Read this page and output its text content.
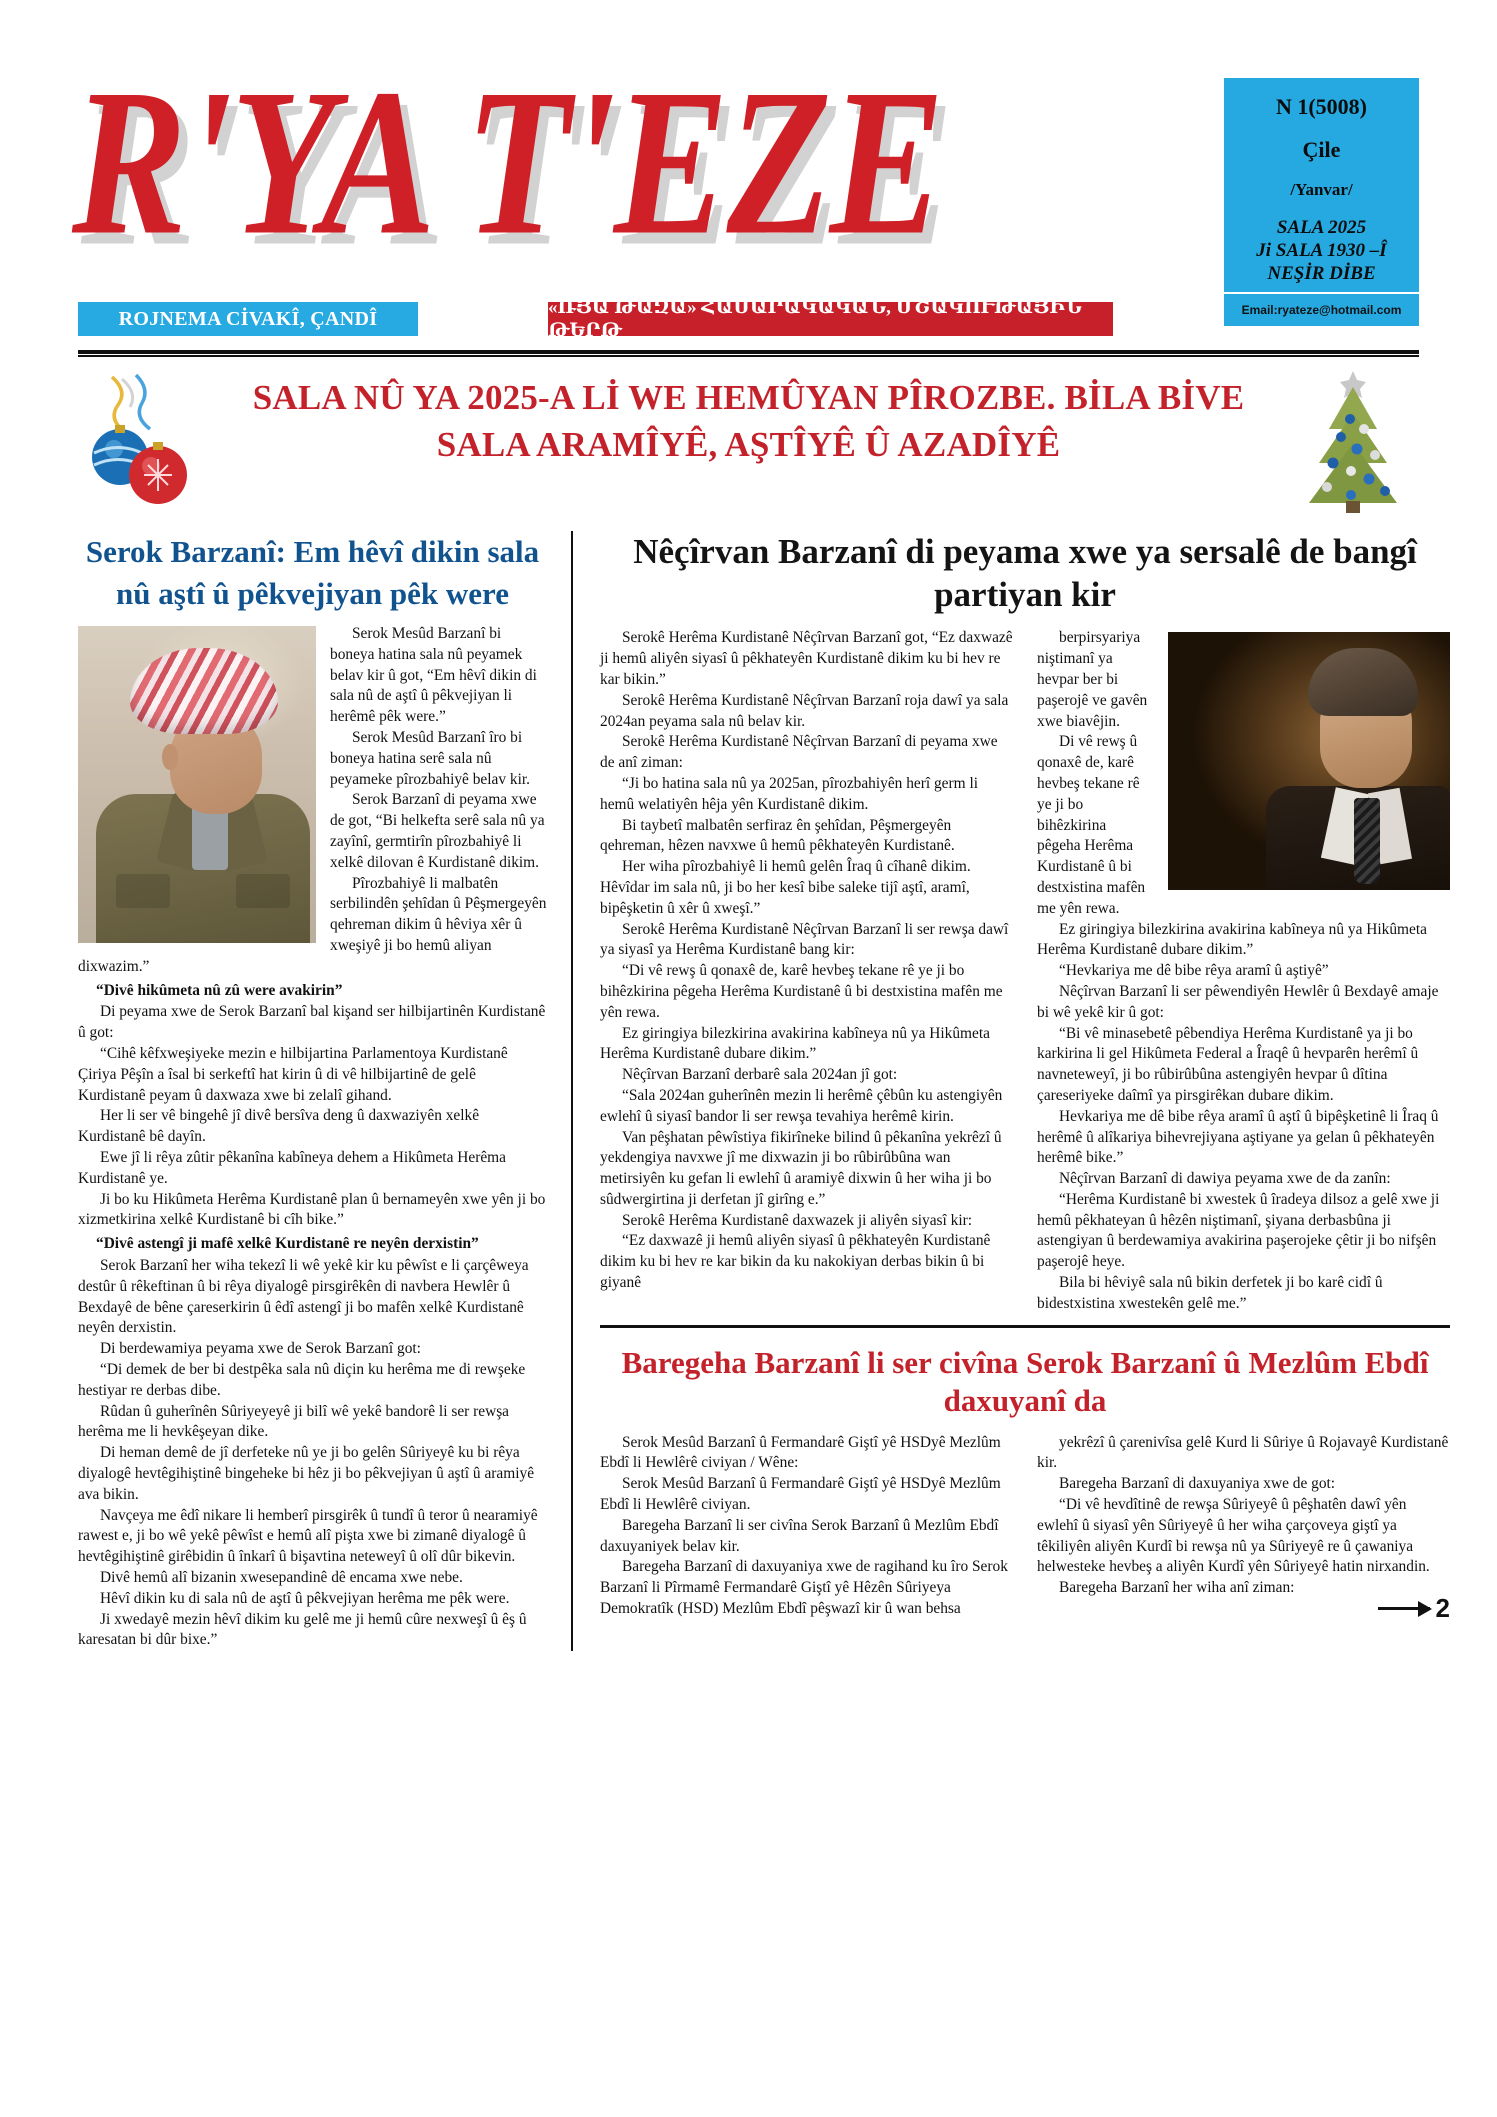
R'YA T'EZE	N 1(5008)
Çile
/Yanvar/
SALA 2025
Ji SALA 1930 –Î
NEŞİR DİBE
ROJNEMA CİVAKÎ, ÇANDÎ	«ՌՅԱ ԹԱԶԱ» ՀԱՍԱՐԱԿԱԿԱՆ, ՄՇԱԿՈՒԹԱՅԻՆ ԹԵՐԹ
Email:ryateze@hotmail.com
SALA NÛ YA 2025-A Lİ WE HEMÛYAN PÎROZBE. BİLA BİVE SALA ARAMÎYÊ, AŞTÎYÊ Û AZADÎYÊ
Serok Barzanî: Em hêvî dikin sala nû aştî û pêkvejiyan pêk were

Serok Mesûd Barzanî bi boneya hatina sala nû peyamek belav kir û got, “Em hêvî dikin di sala nû de aştî û pêkvejiyan li herêmê pêk were.”

Serok Mesûd Barzanî îro bi boneya hatina serê sala nû peyameke pîrozbahiyê belav kir.

Serok Barzanî di peyama xwe de got, “Bi helkefta serê sala nû ya zayînî, germtirîn pîrozbahiyê li xelkê dilovan ê Kurdistanê dikim.

Pîrozbahiyê li malbatên serbilindên şehîdan û Pêşmergeyên qehreman dikim û hêviya xêr û xweşiyê ji bo hemû aliyan dixwazim.”

“Divê hikûmeta nû zû were avakirin”

Di peyama xwe de Serok Barzanî bal kişand ser hilbijartinên Kurdistanê û got:

“Cihê kêfxweşiyeke mezin e hilbijartina Parlamentoya Kurdistanê Çiriya Pêşîn a îsal bi serkeftî hat kirin û di vê hilbijartinê de gelê Kurdistanê peyam û daxwaza xwe bi zelalî gihand.

Her li ser vê bingehê jî divê bersîva deng û daxwaziyên xelkê Kurdistanê bê dayîn.

Ewe jî li rêya zûtir pêkanîna kabîneya dehem a Hikûmeta Herêma Kurdistanê ye.

Ji bo ku Hikûmeta Herêma Kurdistanê plan û bernameyên xwe yên ji bo xizmetkirina xelkê Kurdistanê bi cîh bike.”

“Divê astengî ji mafê xelkê Kurdistanê re neyên derxistin”

Serok Barzanî her wiha tekezî li wê yekê kir ku pêwîst e li çarçêweya destûr û rêkeftinan û bi rêya diyalogê pirsgirêkên di navbera Hewlêr û Bexdayê de bêne çareserkirin û êdî astengî ji bo mafên xelkê Kurdistanê neyên derxistin.

Di berdewamiya peyama xwe de Serok Barzanî got:

“Di demek de ber bi destpêka sala nû diçin ku herêma me di rewşeke hestiyar re derbas dibe.

Rûdan û guherînên Sûriyeyeyê ji bilî wê yekê bandorê li ser rewşa herêma me li hevkêşeyan dike.

Di heman demê de jî derfeteke nû ye ji bo gelên Sûriyeyê ku bi rêya diyalogê hevtêgihiştinê bingeheke bi hêz ji bo pêkvejiyan û aştî û aramiyê ava bikin.

Navçeya me êdî nikare li hemberî pirsgirêk û tundî û teror û nearamiyê rawest e, ji bo wê yekê pêwîst e hemû alî pişta xwe bi zimanê diyalogê û hevtêgihiştinê girêbidin û înkarî û bişavtina neteweyî û olî dûr bikevin.

Divê hemû alî bizanin xwesepandinê dê encama xwe nebe.

Hêvî dikin ku di sala nû de aştî û pêkvejiyan herêma me pêk were.

Ji xwedayê mezin hêvî dikim ku gelê me ji hemû cûre nexweşî û êş û karesatan bi dûr bixe.”

Nêçîrvan Barzanî di peyama xwe ya sersalê de bangî partiyan kir

Serokê Herêma Kurdistanê Nêçîrvan Barzanî got, “Ez daxwazê ji hemû aliyên siyasî û pêkhateyên Kurdistanê dikim ku bi hev re kar bikin.”

Serokê Herêma Kurdistanê Nêçîrvan Barzanî roja dawî ya sala 2024an peyama sala nû belav kir.

Serokê Herêma Kurdistanê Nêçîrvan Barzanî di peyama xwe de anî ziman:

“Ji bo hatina sala nû ya 2025an, pîrozbahiyên herî germ li hemû welatiyên hêja yên Kurdistanê dikim.

Bi taybetî malbatên serfiraz ên şehîdan, Pêşmergeyên qehreman, hêzen navxwe û hemû pêkhateyên Kurdistanê.

Her wiha pîrozbahiyê li hemû gelên Îraq û cîhanê dikim. Hêvîdar im sala nû, ji bo her kesî bibe saleke tijî aştî, aramî, bipêşketin û xêr û xweşî.”

Serokê Herêma Kurdistanê Nêçîrvan Barzanî li ser rewşa dawî ya siyasî ya Herêma Kurdistanê bang kir:

“Di vê rewş û qonaxê de, karê hevbeş tekane rê ye ji bo bihêzkirina pêgeha Herêma Kurdistanê û bi destxistina mafên me yên rewa.

Ez giringiya bilezkirina avakirina kabîneya nû ya Hikûmeta Herêma Kurdistanê dubare dikim.”

Nêçîrvan Barzanî derbarê sala 2024an jî got:

“Sala 2024an guherînên mezin li herêmê çêbûn ku astengiyên ewlehî û siyasî bandor li ser rewşa tevahiya herêmê kirin.

Van pêşhatan pêwîstiya fikirîneke bilind û pêkanîna yekrêzî û yekdengiya navxwe jî me dixwazin ji bo rûbirûbûna wan metirsiyên ku gefan li ewlehî û aramiyê dixwin û her wiha ji bo sûdwergirtina ji derfetan jî girîng e.”

Serokê Herêma Kurdistanê daxwazek ji aliyên siyasî kir:

“Ez daxwazê ji hemû aliyên siyasî û pêkhateyên Kurdistanê dikim ku bi hev re kar bikin da ku nakokiyan derbas bikin û bi giyanê

berpirsyariya niştimanî ya hevpar ber bi paşerojê ve gavên xwe biavêjin.

Di vê rewş û qonaxê de, karê hevbeş tekane rê ye ji bo bihêzkirina pêgeha Herêma Kurdistanê û bi destxistina mafên me yên rewa.

Ez giringiya bilezkirina avakirina kabîneya nû ya Hikûmeta Herêma Kurdistanê dubare dikim.”

“Hevkariya me dê bibe rêya aramî û aştiyê”

Nêçîrvan Barzanî li ser pêwendiyên Hewlêr û Bexdayê amaje bi wê yekê kir û got:

“Bi vê minasebetê pêbendiya Herêma Kurdistanê ya ji bo karkirina li gel Hikûmeta Federal a Îraqê û hevparên herêmî û navneteweyî, ji bo rûbirûbûna astengiyên hevpar û dîtina çareseriyeke daîmî ya pirsgirêkan dubare dikim.

Hevkariya me dê bibe rêya aramî û aştî û bipêşketinê li Îraq û herêmê û alîkariya bihevrejiyana aştiyane ya gelan û pêkhateyên herêmê bike.”

Nêçîrvan Barzanî di dawiya peyama xwe de da zanîn:

“Herêma Kurdistanê bi xwestek û îradeya dilsoz a gelê xwe ji hemû pêkhateyan û hêzên niştimanî, şiyana derbasbûna ji astengiyan û berdewamiya avakirina paşerojeke çêtir ji bo nifşên paşerojê heye.

Bila bi hêviyê sala nû bikin derfetek ji bo karê cidî û bidestxistina xwestekên gelê me.”

Baregeha Barzanî li ser civîna Serok Barzanî û Mezlûm Ebdî daxuyanî da

Serok Mesûd Barzanî û Fermandarê Giştî yê HSDyê Mezlûm Ebdî li Hewlêrê civiyan / Wêne:

Serok Mesûd Barzanî û Fermandarê Giştî yê HSDyê Mezlûm Ebdî li Hewlêrê civiyan.

Baregeha Barzanî li ser civîna Serok Barzanî û Mezlûm Ebdî daxuyaniyek belav kir.

Baregeha Barzanî di daxuyaniya xwe de ragihand ku îro Serok Barzanî li Pîrmamê Fermandarê Giştî yê Hêzên Sûriyeya Demokratîk (HSD) Mezlûm Ebdî pêşwazî kir û wan behsa

yekrêzî û çarenivîsa gelê Kurd li Sûriye û Rojavayê Kurdistanê kir.

Baregeha Barzanî di daxuyaniya xwe de got:

“Di vê hevdîtinê de rewşa Sûriyeyê û pêşhatên dawî yên ewlehî û siyasî yên Sûriyeyê û her wiha çarçoveya giştî ya têkiliyên aliyên Kurdî bi rewşa nû ya Sûriyeyê re û çawaniya helwesteke hevbeş a aliyên Kurdî yên Sûriyeyê hatin nirxandin.

Baregeha Barzanî her wiha anî ziman:

2
